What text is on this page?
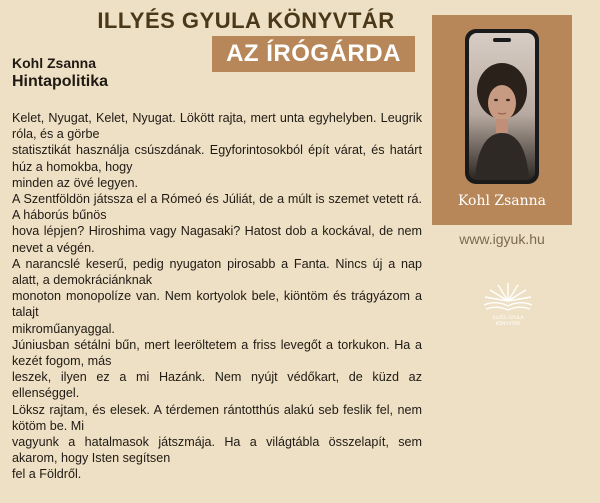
ILLYÉS GYULA KÖNYVTÁR
AZ ÍRÓGÁRDA
Kohl Zsanna
Hintapolitika
Kelet, Nyugat, Kelet, Nyugat. Lökött rajta, mert unta egyhelyben. Leugrik róla, és a görbe
statisztikát használja csúszdának. Egyforintosokból épít várat, és határt húz a homokba, hogy
minden az övé legyen.
A Szentföldön játssza el a Rómeó és Júliát, de a múlt is szemet vetett rá. A háborús bűnös
hova lépjen? Hiroshima vagy Nagasaki? Hatost dob a kockával, de nem nevet a végén.
A narancslé keserű, pedig nyugaton pirosabb a Fanta. Nincs új a nap alatt, a demokráciánknak
monoton monopolíze van. Nem kortyolok bele, kiöntöm és trágyázom a talajt
mikroműanyaggal.
Júniusban sétálni bűn, mert leeröltetem a friss levegőt a torkukon. Ha a kezét fogom, más
leszek, ilyen ez a mi Hazánk. Nem nyújt védőkart, de küzd az ellenséggel.
Löksz rajtam, és elesek. A térdemen rántotthús alakú seb feslik fel, nem kötöm be. Mi
vagyunk a hatalmasok játszmája. Ha a világtábla összelapít, sem akarom, hogy Isten segítsen
fel a Földről.
Kohl Zsanna
www.igyuk.hu
ILLYÉS GYULA
KÖNYVTÁR
